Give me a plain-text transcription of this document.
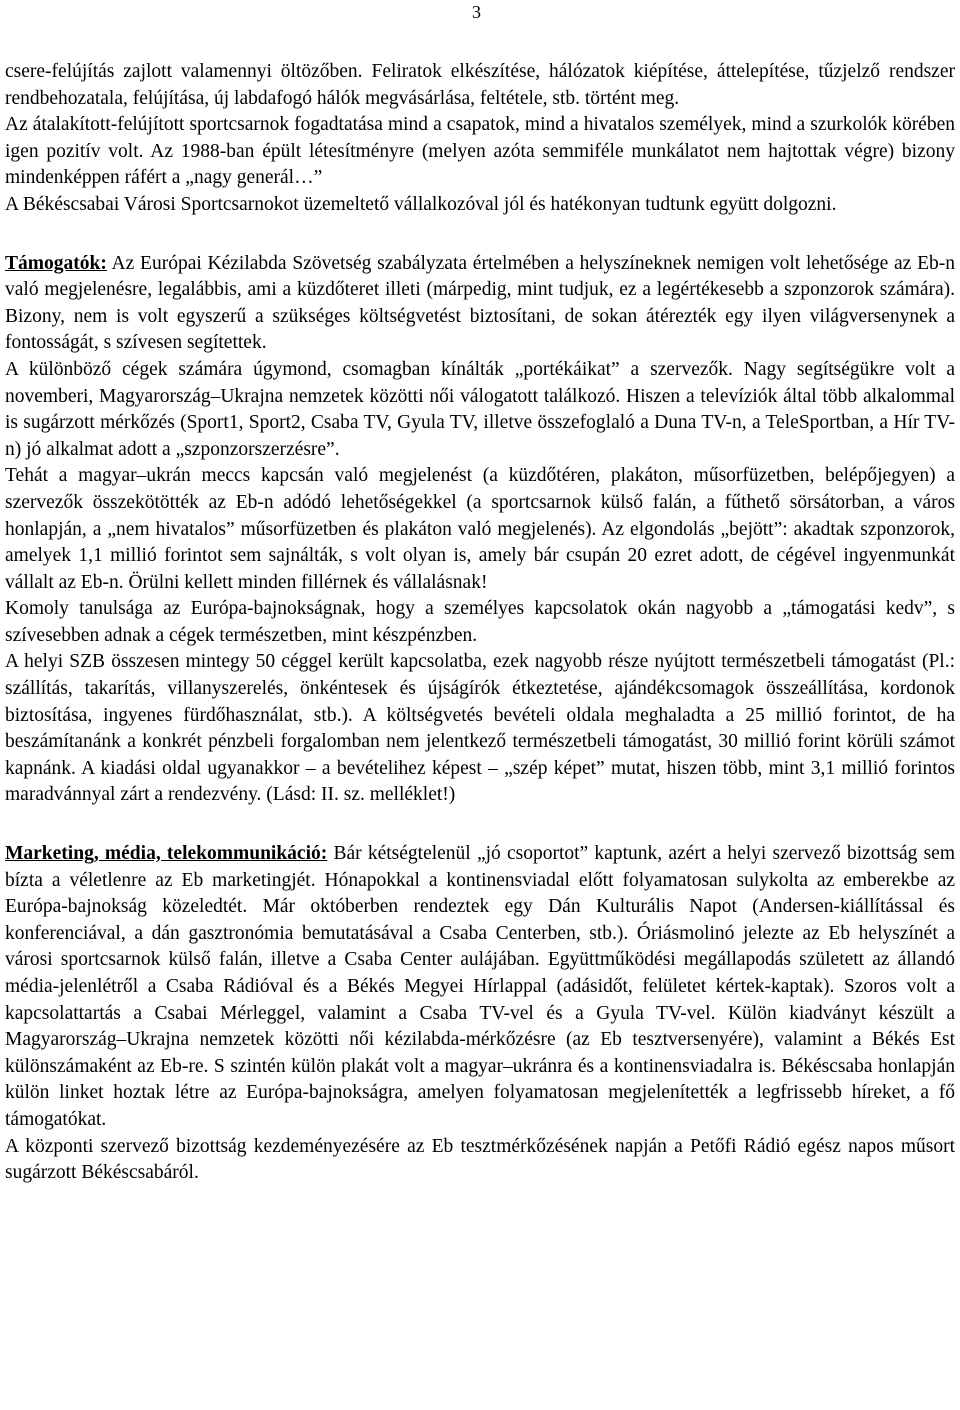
3

csere-felújítás zajlott valamennyi öltözőben. Feliratok elkészítése, hálózatok kiépítése, áttelepítése, tűzjelző rendszer rendbehozatala, felújítása, új labdafogó hálók megvásárlása, feltétele, stb. történt meg.

Az átalakított-felújított sportcsarnok fogadtatása mind a csapatok, mind a hivatalos személyek, mind a szurkolók körében igen pozitív volt. Az 1988-ban épült létesítményre (melyen azóta semmiféle munkálatot nem hajtottak végre) bizony mindenképpen ráfért a „nagy generál…”

A Békéscsabai Városi Sportcsarnokot üzemeltető vállalkozóval jól és hatékonyan tudtunk együtt dolgozni.

Támogatók: Az Európai Kézilabda Szövetség szabályzata értelmében a helyszíneknek nemigen volt lehetősége az Eb-n való megjelenésre, legalábbis, ami a küzdőteret illeti (márpedig, mint tudjuk, ez a legértékesebb a szponzorok számára). Bizony, nem is volt egyszerű a szükséges költségvetést biztosítani, de sokan átérezték egy ilyen világversenynek a fontosságát, s szívesen segítettek.

A különböző cégek számára úgymond, csomagban kínálták „portékáikat” a szervezők. Nagy segítségükre volt a novemberi, Magyarország–Ukrajna nemzetek közötti női válogatott találkozó. Hiszen a televíziók által több alkalommal is sugárzott mérkőzés (Sport1, Sport2, Csaba TV, Gyula TV, illetve összefoglaló a Duna TV-n, a TeleSportban, a Hír TV-n) jó alkalmat adott a „szponzorszerzésre”.

Tehát a magyar–ukrán meccs kapcsán való megjelenést (a küzdőtéren, plakáton, műsorfüzetben, belépőjegyen) a szervezők összekötötték az Eb-n adódó lehetőségekkel (a sportcsarnok külső falán, a fűthető sörsátorban, a város honlapján, a „nem hivatalos” műsorfüzetben és plakáton való megjelenés). Az elgondolás „bejött”: akadtak szponzorok, amelyek 1,1 millió forintot sem sajnálták, s volt olyan is, amely bár csupán 20 ezret adott, de cégével ingyenmunkát vállalt az Eb-n. Örülni kellett minden fillérnek és vállalásnak!

Komoly tanulsága az Európa-bajnokságnak, hogy a személyes kapcsolatok okán nagyobb a „támogatási kedv”, s szívesebben adnak a cégek természetben, mint készpénzben.

A helyi SZB összesen mintegy 50 céggel került kapcsolatba, ezek nagyobb része nyújtott természetbeli támogatást (Pl.: szállítás, takarítás, villanyszerelés, önkéntesek és újságírók étkeztetése, ajándékcsomagok összeállítása, kordonok biztosítása, ingyenes fürdőhasználat, stb.). A költségvetés bevételi oldala meghaladta a 25 millió forintot, de ha beszámítanánk a konkrét pénzbeli forgalomban nem jelentkező természetbeli támogatást, 30 millió forint körüli számot kapnánk. A kiadási oldal ugyanakkor – a bevételihez képest – „szép képet” mutat, hiszen több, mint 3,1 millió forintos maradvánnyal zárt a rendezvény. (Lásd: II. sz. melléklet!)

Marketing, média, telekommunikáció: Bár kétségtelenül „jó csoportot” kaptunk, azért a helyi szervező bizottság sem bízta a véletlenre az Eb marketingjét. Hónapokkal a kontinensviadal előtt folyamatosan sulykolta az emberekbe az Európa-bajnokság közeledtét. Már októberben rendeztek egy Dán Kulturális Napot (Andersen-kiállítással és konferenciával, a dán gasztronómia bemutatásával a Csaba Centerben, stb.). Óriásmolinó jelezte az Eb helyszínét a városi sportcsarnok külső falán, illetve a Csaba Center aulájában. Együttműködési megállapodás született az állandó média-jelenlétről a Csaba Rádióval és a Békés Megyei Hírlappal (adásidőt, felületet kértek-kaptak). Szoros volt a kapcsolattartás a Csabai Mérleggel, valamint a Csaba TV-vel és a Gyula TV-vel. Külön kiadványt készült a Magyarország–Ukrajna nemzetek közötti női kézilabda-mérkőzésre (az Eb tesztversenyére), valamint a Békés Est különszámaként az Eb-re. S szintén külön plakát volt a magyar–ukránra és a kontinensviadalra is. Békéscsaba honlapján külön linket hoztak létre az Európa-bajnokságra, amelyen folyamatosan megjelenítették a legfrissebb híreket, a fő támogatókat.

A központi szervező bizottság kezdeményezésére az Eb tesztmérkőzésének napján a Petőfi Rádió egész napos műsort sugárzott Békéscsabáról.
